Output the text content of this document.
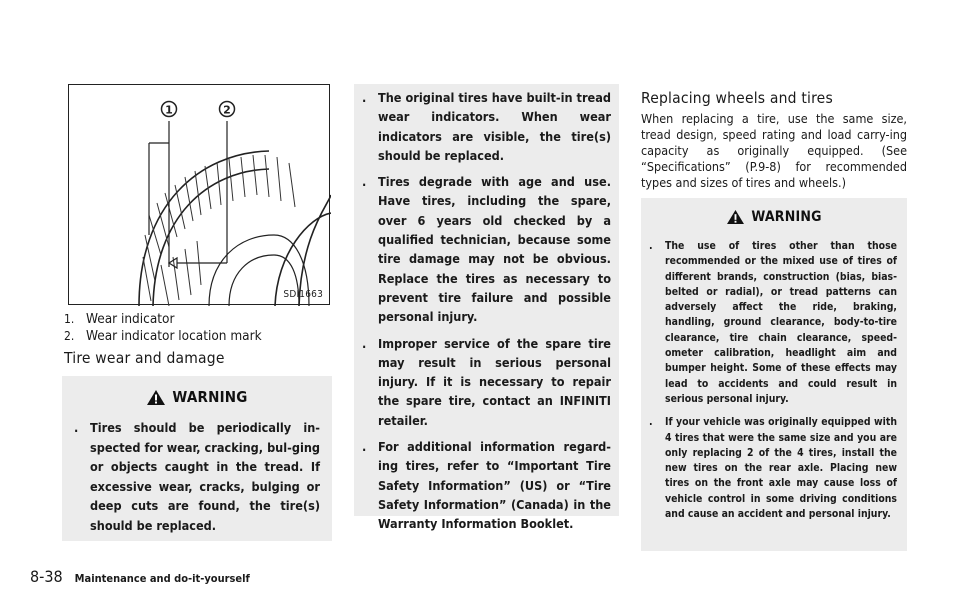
1	2
SDI1663
1. Wear indicator
2. Wear indicator location mark
Tire wear and damage
WARNING
. Tires should be periodically in-spected for wear, cracking, bul-ging or objects caught in the tread. If excessive wear, cracks, bulging or deep cuts are found, the tire(s) should be replaced.
. The original tires have built-in tread wear indicators. When wear indicators are visible, the tire(s) should be replaced.
. Tires degrade with age and use. Have tires, including the spare, over 6 years old checked by a qualified technician, because some tire damage may not be obvious. Replace the tires as necessary to prevent tire failure and possible personal injury.
. Improper service of the spare tire may result in serious personal injury. If it is necessary to repair the spare tire, contact an INFINITI retailer.
. For additional information regard-ing tires, refer to “Important Tire Safety Information” (US) or “Tire Safety Information” (Canada) in the Warranty Information Booklet.
Replacing wheels and tires
When replacing a tire, use the same size, tread design, speed rating and load carry-ing capacity as originally equipped. (See “Specifications” (P.9-8) for recommended types and sizes of tires and wheels.)
WARNING
.	The use of tires other than those recommended or the mixed use of tires of different brands, construction (bias, bias-belted or radial), or tread patterns can adversely affect the ride, braking, handling, ground clearance, body-to-tire clearance, tire chain clearance, speed-ometer calibration, headlight aim and bumper height. Some of these effects may lead to accidents and could result in serious personal injury.
.	If your vehicle was originally equipped with 4 tires that were the same size and you are only replacing 2 of the 4 tires, install the new tires on the rear axle. Placing new tires on the front axle may cause loss of vehicle control in some driving conditions and cause an accident and personal injury.
8-38 Maintenance and do-it-yourself
